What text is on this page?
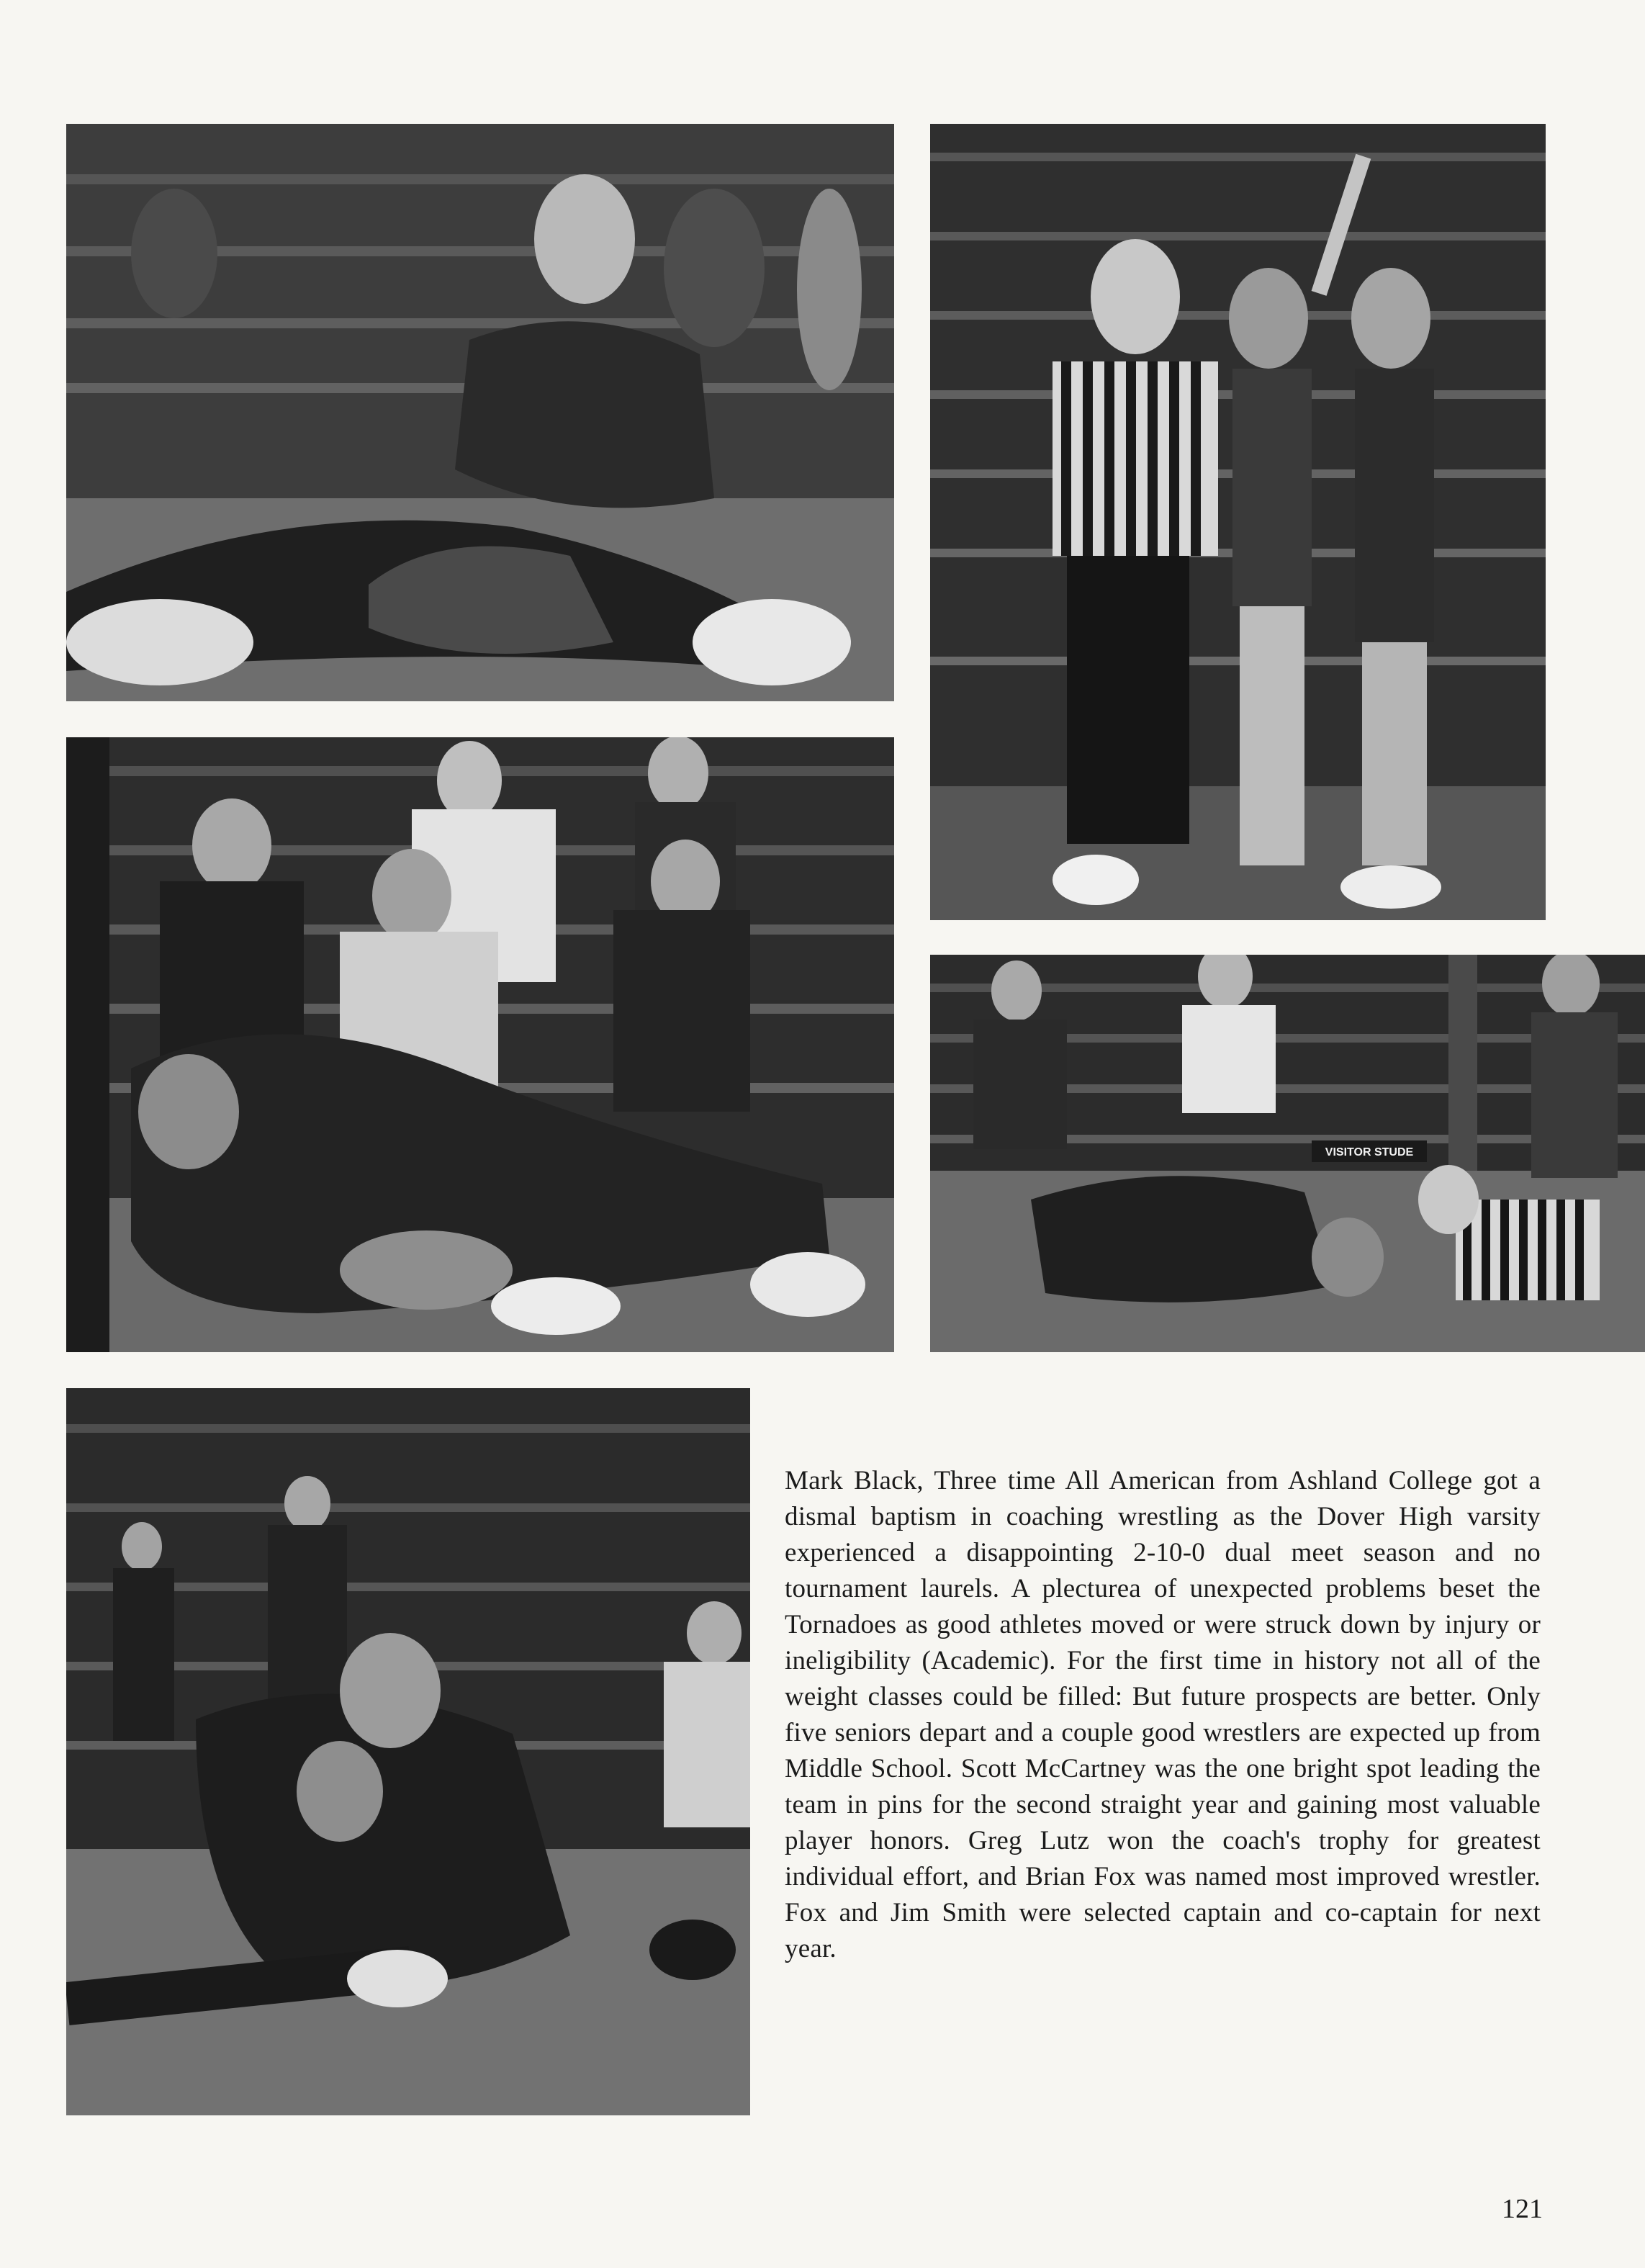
VISITOR STUDE

Mark Black, Three time All American from Ashland College got a dismal baptism in coaching wrestling as the Dover High varsity experienced a disappointing 2-10-0 dual meet season and no tournament laurels. A plecturea of unexpected problems beset the Tornadoes as good athletes moved or were struck down by injury or ineligibility (Academic). For the first time in history not all of the weight classes could be filled: But future prospects are better. Only five seniors depart and a couple good wrestlers are expected up from Middle School. Scott McCartney was the one bright spot leading the team in pins for the second straight year and gaining most valuable player honors. Greg Lutz won the coach's trophy for greatest individual effort, and Brian Fox was named most improved wrestler. Fox and Jim Smith were selected captain and co-captain for next year.

121
